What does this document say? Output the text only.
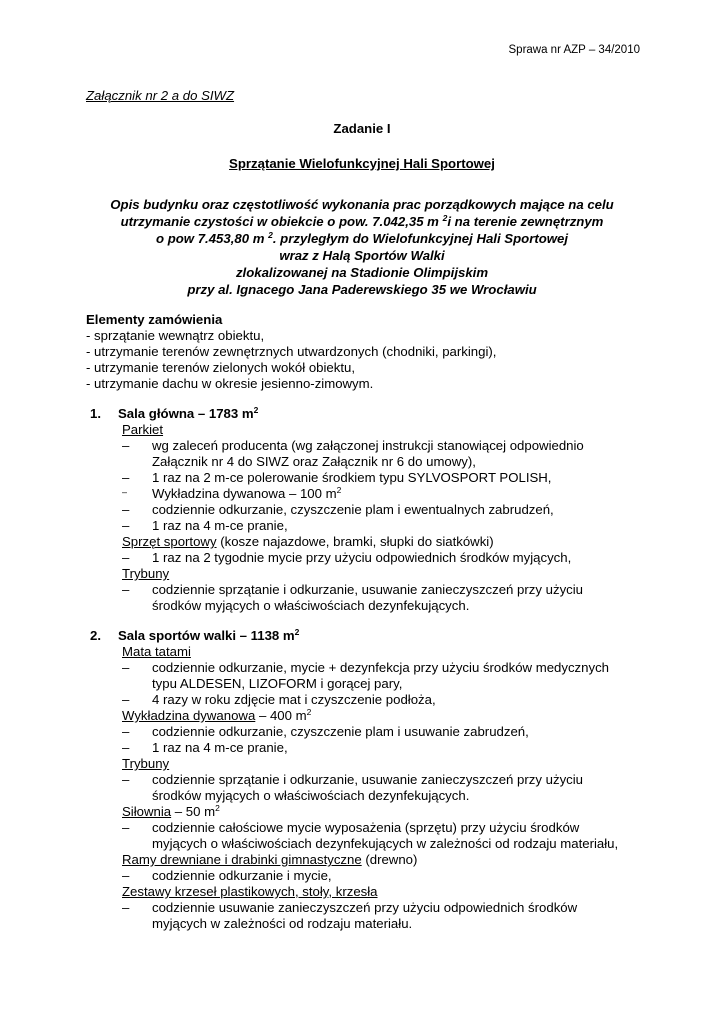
Sprawa nr AZP – 34/2010
Załącznik nr 2 a do SIWZ
Zadanie I
Sprzątanie Wielofunkcyjnej Hali Sportowej
Opis budynku oraz częstotliwość wykonania prac porządkowych mające na celu
utrzymanie czystości w obiekcie o pow. 7.042,35 m $^2$i na terenie zewnętrznym
o pow 7.453,80 m $^2$. przyległym do Wielofunkcyjnej Hali Sportowej
wraz z Halą Sportów Walki
zlokalizowanej na Stadionie Olimpijskim
przy al. Ignacego Jana Paderewskiego 35 we Wrocławiu
Elementy zamówienia
- sprzątanie wewnątrz obiektu,
- utrzymanie terenów zewnętrznych utwardzonych (chodniki, parkingi),
- utrzymanie terenów zielonych wokół obiektu,
- utrzymanie dachu w okresie jesienno-zimowym.
1. Sala główna – 1783 $m^2$
Parkiet
– wg zaleceń producenta (wg załączonej instrukcji stanowiącej odpowiednio
Załącznik nr 4 do SIWZ oraz Załącznik nr 6 do umowy),
– 1 raz na 2 m-ce polerowanie środkiem typu SYLVOSPORT POLISH,
–	Wykładzina dywanowa – 100 $m^2$
– codziennie odkurzanie, czyszczenie plam i ewentualnych zabrudzeń,
– 1 raz na 4 m-ce pranie,
Sprzęt sportowy (kosze najazdowe, bramki, słupki do siatkówki)
– 1 raz na 2 tygodnie mycie przy użyciu odpowiednich środków myjących,
Trybuny
– codziennie sprzątanie i odkurzanie, usuwanie zanieczyszczeń przy użyciu
środków myjących o właściwościach dezynfekujących.
2. Sala sportów walki – 1138 $m^2$
Mata tatami
– codziennie odkurzanie, mycie + dezynfekcja przy użyciu środków medycznych
typu ALDESEN, LIZOFORM i gorącej pary,
– 4 razy w roku zdjęcie mat i czyszczenie podłoża,
Wykładzina dywanowa – 400 $m^2$
– codziennie odkurzanie, czyszczenie plam i usuwanie zabrudzeń,
– 1 raz na 4 m-ce pranie,
Trybuny
– codziennie sprzątanie i odkurzanie, usuwanie zanieczyszczeń przy użyciu
środków myjących o właściwościach dezynfekujących.
Siłownia – 50 $m^2$
– codziennie całościowe mycie wyposażenia (sprzętu) przy użyciu środków
myjących o właściwościach dezynfekujących w zależności od rodzaju materiału,
Ramy drewniane i drabinki gimnastyczne (drewno)
– codziennie odkurzanie i mycie,
Zestawy krzeseł plastikowych, stoły, krzesła
– codziennie usuwanie zanieczyszczeń przy użyciu odpowiednich środków
myjących w zależności od rodzaju materiału.
